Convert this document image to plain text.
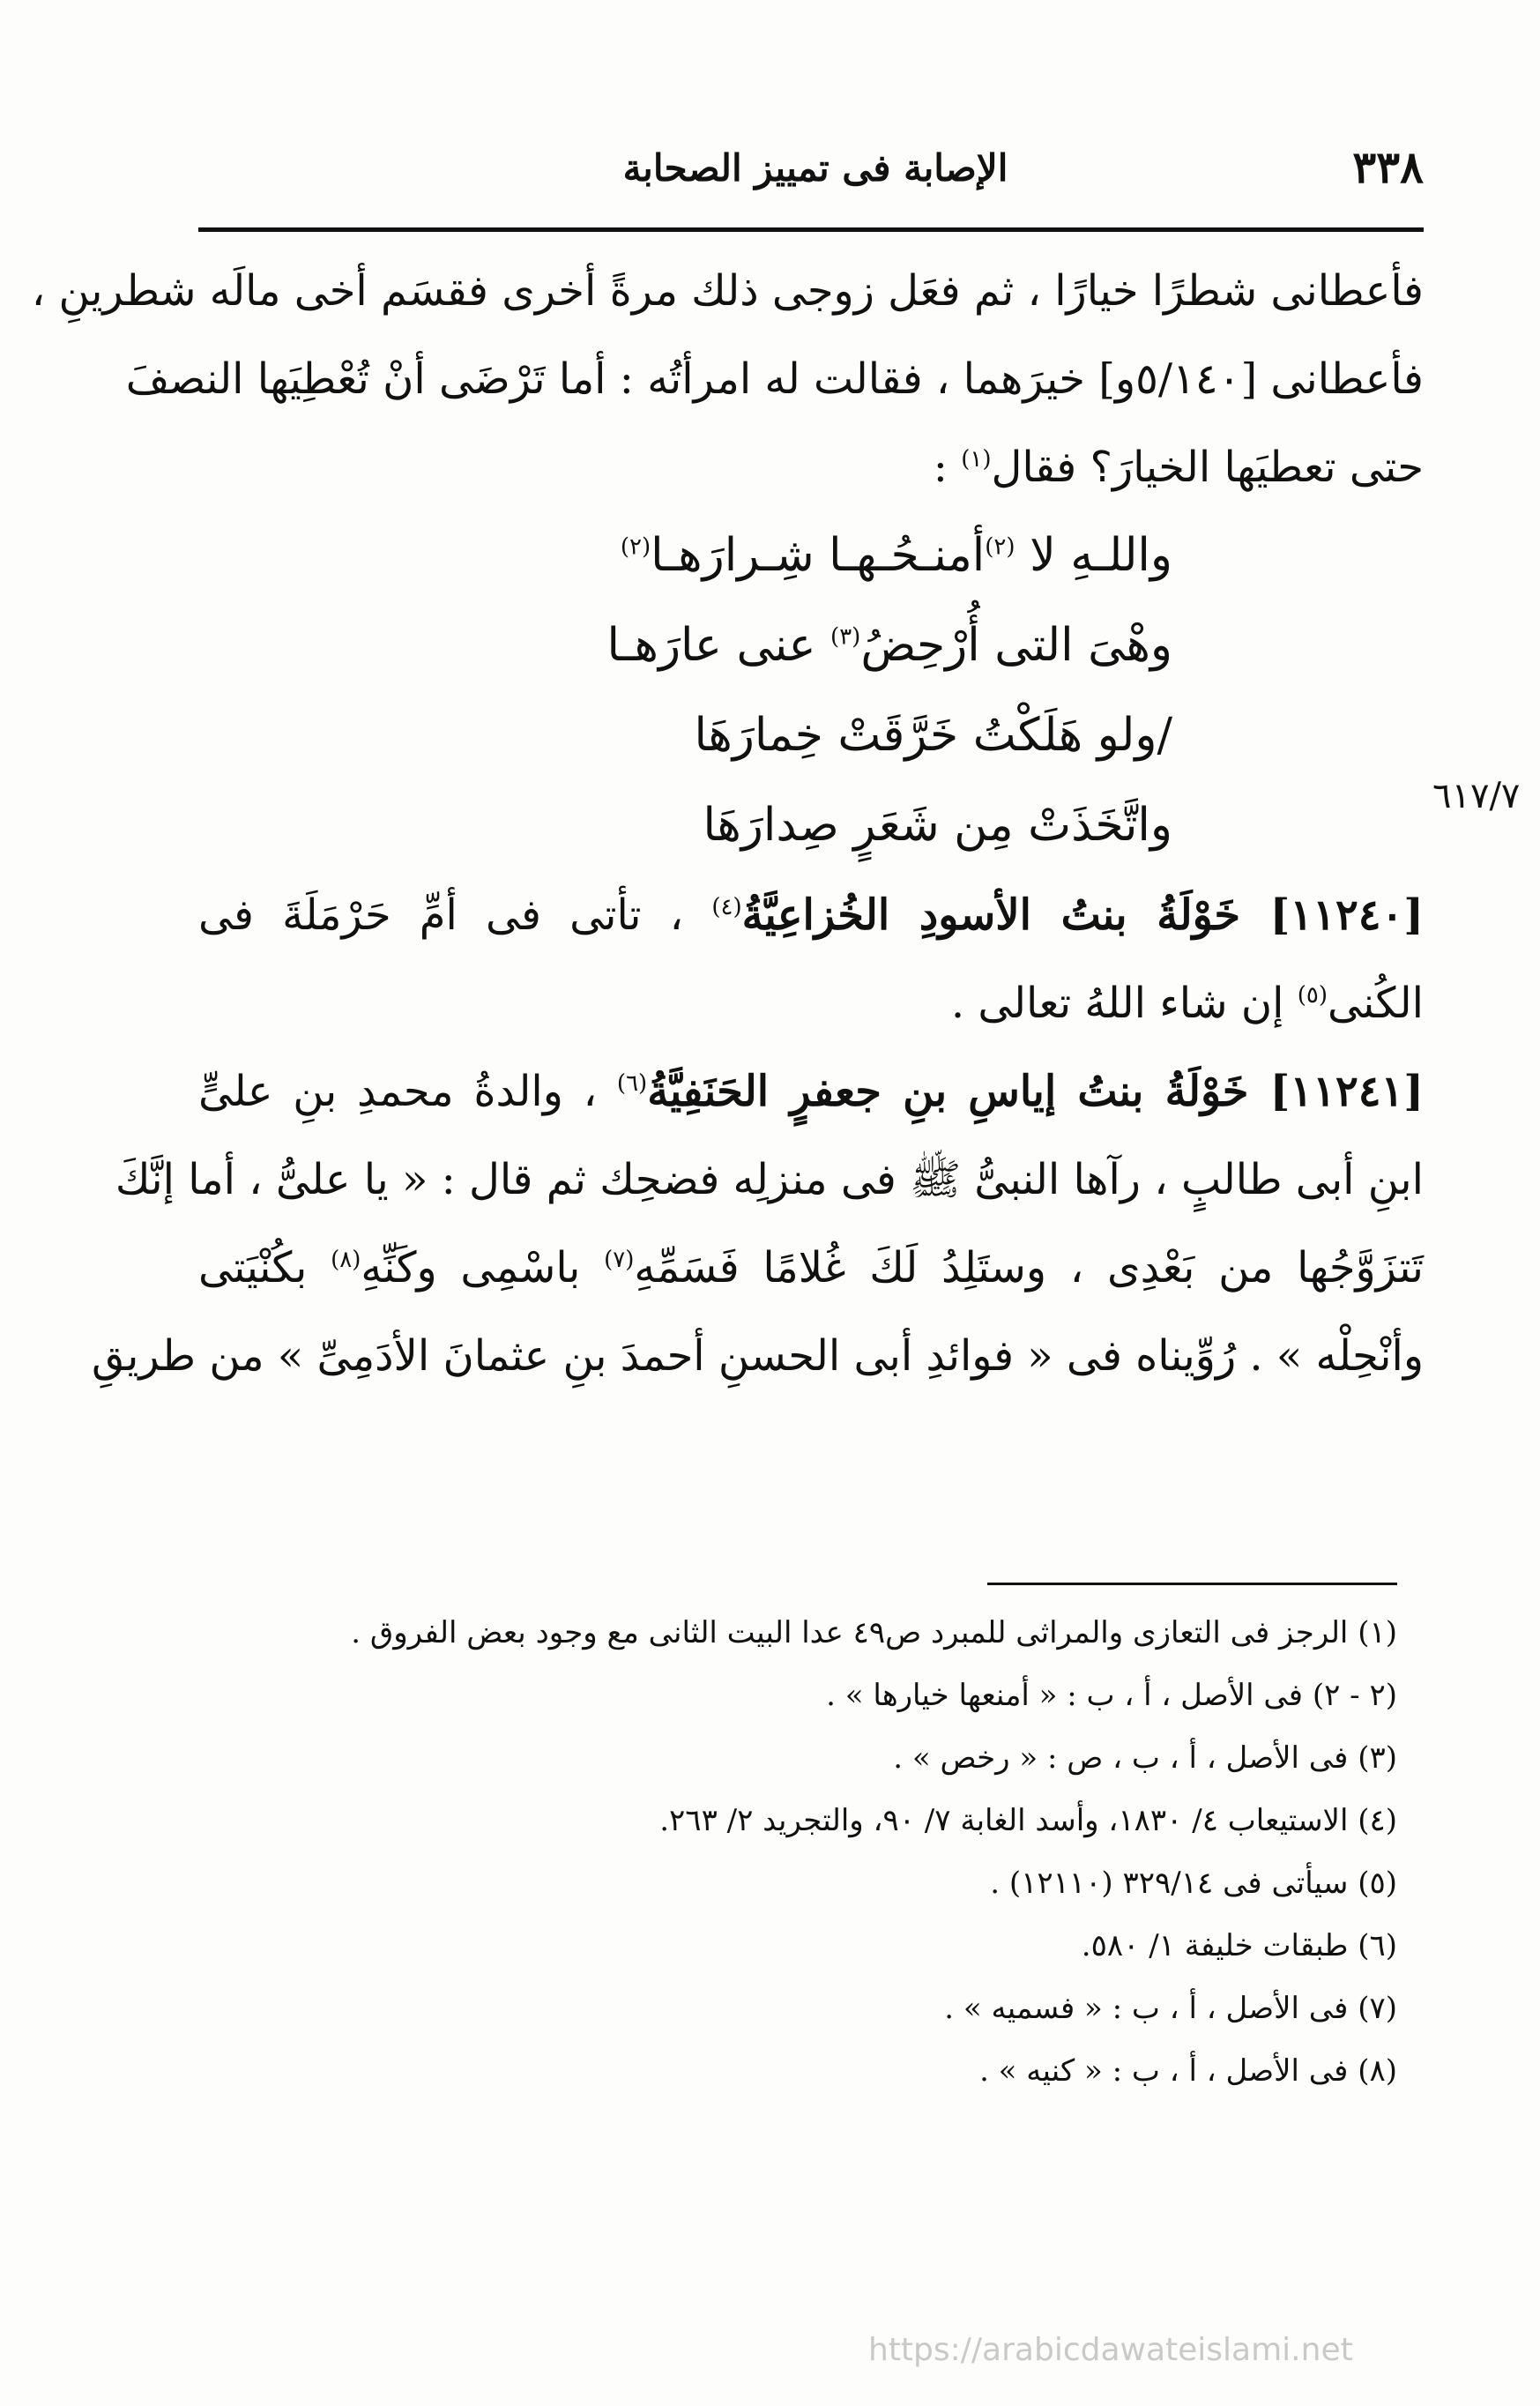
٣٣٨
الإصابة فى تمييز الصحابة
٦١٧/٧
فأعطانى شطرًا خيارًا ، ثم فعَل زوجى ذلك مرةً أخرى فقسَم أخى مالَه شطرينِ ،
فأعطانى [٥/١٤٠و] خيرَهما ، فقالت له امرأتُه : أما تَرْضَى أنْ تُعْطِيَها النصفَ
حتى تعطيَها الخيارَ؟ فقال$^{(١)}$ :
واللـهِ لا $^{(٢)}$أمنـحُـهـا شِـرارَهـا$^{(٢)}$
وهْىَ التى أُرْحِضُ$^{(٣)}$ عنى عارَهـا
/ولو هَلَكْتُ خَرَّقَتْ خِمارَهَا
واتَّخَذَتْ مِن شَعَرٍ صِدارَهَا
[١١٢٤٠] خَوْلَةُ بنتُ الأسودِ الخُزاعِيَّةُ$^{(٤)}$ ، تأتى فى أمِّ حَرْمَلَةَ فى
الكُنى$^{(٥)}$ إن شاء اللهُ تعالى .
[١١٢٤١] خَوْلَةُ بنتُ إياسِ بنِ جعفرٍ الحَنَفِيَّةُ$^{(٦)}$ ، والدةُ محمدِ بنِ علىٍّ
ابنِ أبى طالبٍ ، رآها النبىُّ ﷺ فى منزلِه فضحِك ثم قال : « يا علىُّ ، أما إنَّكَ
تَتزَوَّجُها من بَعْدِى ، وستَلِدُ لَكَ غُلامًا فَسَمِّهِ$^{(٧)}$ باسْمِى وكَنِّهِ$^{(٨)}$ بكُنْيَتى
وأنْحِلْه » . رُوِّيناه فى « فوائدِ أبى الحسنِ أحمدَ بنِ عثمانَ الأدَمِىِّ » من طريقِ
(١) الرجز فى التعازى والمراثى للمبرد ص٤٩ عدا البيت الثانى مع وجود بعض الفروق .
(٢ - ٢) فى الأصل ، أ ، ب : « أمنعها خيارها » .
(٣) فى الأصل ، أ ، ب ، ص : « رخص » .
(٤) الاستيعاب ٤/ ١٨٣٠، وأسد الغابة ٧/ ٩٠، والتجريد ٢/ ٢٦٣.
(٥) سيأتى فى ٣٢٩/١٤ (١٢١١٠) .
(٦) طبقات خليفة ١/ ٥٨٠.
(٧) فى الأصل ، أ ، ب : « فسميه » .
(٨) فى الأصل ، أ ، ب : « كنيه » .
https://arabicdawateislami.net
